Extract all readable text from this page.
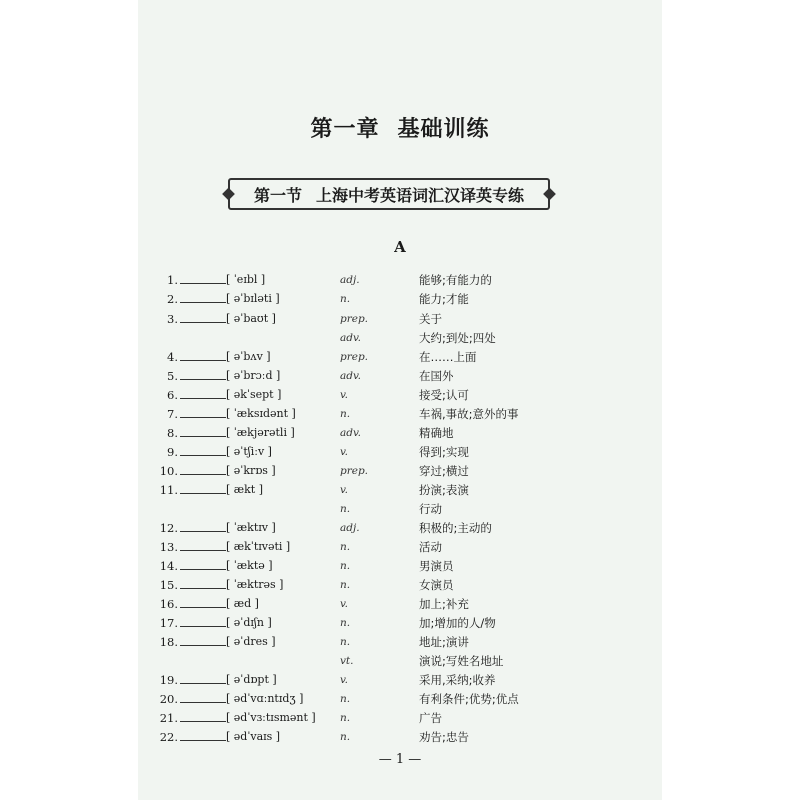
第一章 基础训练
第一节 上海中考英语词汇汉译英专练
A
1.	[ ˈeɪbl ]	adj.	能够;有能力的
2.	[ əˈbɪləti ]	n.	能力;才能
3.	[ əˈbaʊt ]	prep.	关于
adv.	大约;到处;四处
4.	[ əˈbʌv ]	prep.	在……上面
5.	[ əˈbrɔːd ]	adv.	在国外
6.	[ əkˈsept ]	v.	接受;认可
7.	[ ˈæksɪdənt ]	n.	车祸,事故;意外的事
8.	[ ˈækjərətli ]	adv.	精确地
9.	[ əˈtʃiːv ]	v.	得到;实现
10.	[ əˈkrɒs ]	prep.	穿过;横过
11.	[ ækt ]	v.	扮演;表演
n.	行动
12.	[ ˈæktɪv ]	adj.	积极的;主动的
13.	[ ækˈtɪvəti ]	n.	活动
14.	[ ˈæktə ]	n.	男演员
15.	[ ˈæktrəs ]	n.	女演员
16.	[ æd ]	v.	加上;补充
17.	[ əˈdɪʃn ]	n.	加;增加的人/物
18.	[ əˈdres ]	n.	地址;演讲
vt.	演说;写姓名地址
19.	[ əˈdɒpt ]	v.	采用,采纳;收养
20.	[ ədˈvɑːntɪdʒ ]	n.	有利条件;优势;优点
21.	[ ədˈvɜːtɪsmənt ] n.	广告
22.	[ ədˈvaɪs ]	n.	劝告;忠告
— 1 —
